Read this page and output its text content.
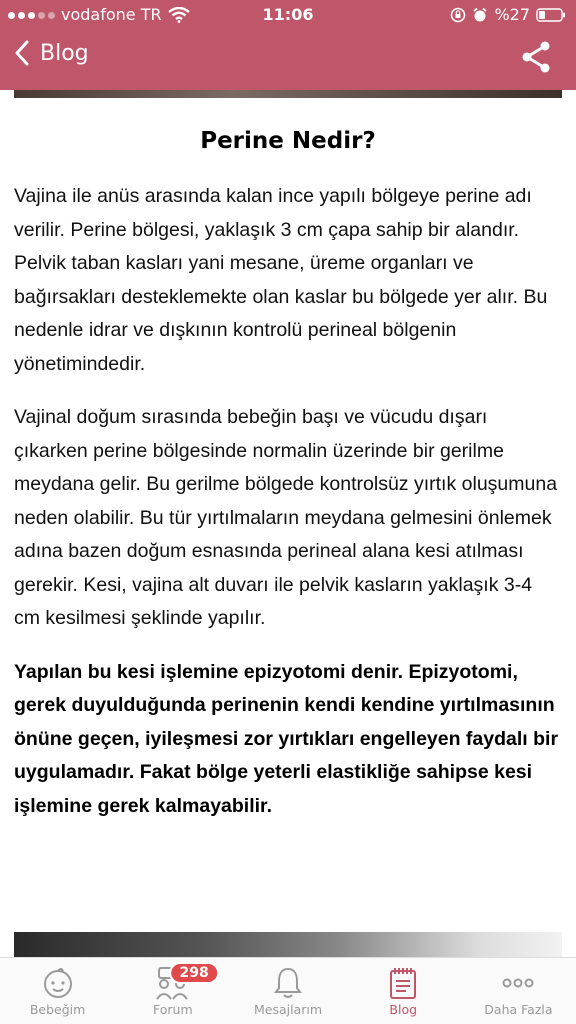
vodafone TR	11:06	%27
Blog
Perine Nedir?

Vajina ile anüs arasında kalan ince yapılı bölgeye perine adı verilir. Perine bölgesi, yaklaşık 3 cm çapa sahip bir alandır. Pelvik taban kasları yani mesane, üreme organları ve bağırsakları desteklemekte olan kaslar bu bölgede yer alır. Bu nedenle idrar ve dışkının kontrolü perineal bölgenin yönetimindedir.

Vajinal doğum sırasında bebeğin başı ve vücudu dışarı çıkarken perine bölgesinde normalin üzerinde bir gerilme meydana gelir. Bu gerilme bölgede kontrolsüz yırtık oluşumuna neden olabilir. Bu tür yırtılmaların meydana gelmesini önlemek adına bazen doğum esnasında perineal alana kesi atılması gerekir. Kesi, vajina alt duvarı ile pelvik kasların yaklaşık 3-4 cm kesilmesi şeklinde yapılır.

Yapılan bu kesi işlemine epizyotomi denir. Epizyotomi, gerek duyulduğunda perinenin kendi kendine yırtılmasının önüne geçen, iyileşmesi zor yırtıkları engelleyen faydalı bir uygulamadır. Fakat bölge yeterli elastikliğe sahipse kesi işlemine gerek kalmayabilir.

Bebeğim
298
Forum	Mesajlarım	Blog	Daha Fazla
